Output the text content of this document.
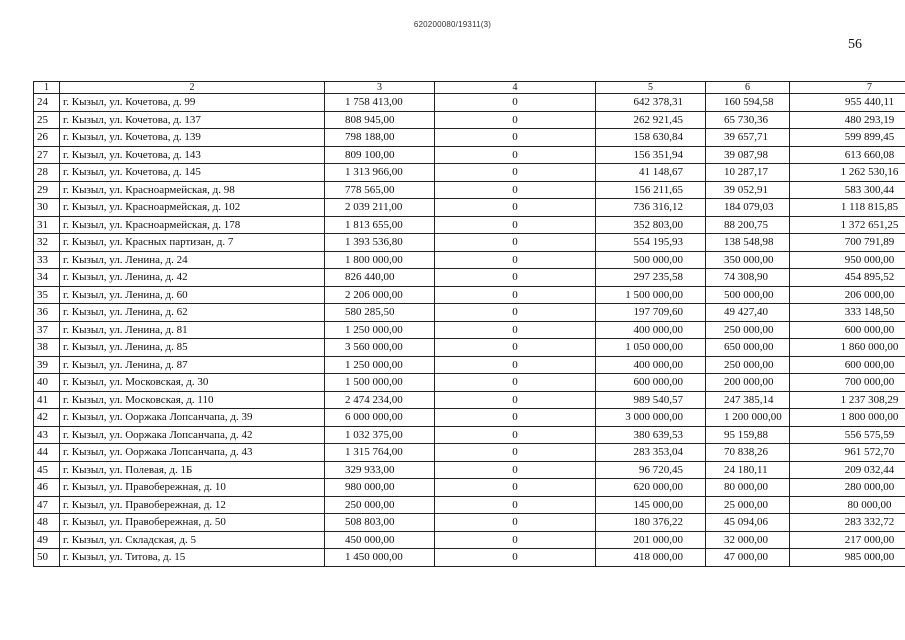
620200080/19311(3)
56
1	2	3	4	5	6	7
24	г. Кызыл, ул. Кочетова, д. 99	1 758 413,00	0	642 378,31	160 594,58	955 440,11
25	г. Кызыл, ул. Кочетова, д. 137	808 945,00	0	262 921,45	65 730,36	480 293,19
26	г. Кызыл, ул. Кочетова, д. 139	798 188,00	0	158 630,84	39 657,71	599 899,45
27	г. Кызыл, ул. Кочетова, д. 143	809 100,00	0	156 351,94	39 087,98	613 660,08
28	г. Кызыл, ул. Кочетова, д. 145	1 313 966,00	0	41 148,67	10 287,17	1 262 530,16
29	г. Кызыл, ул. Красноармейская, д. 98	778 565,00	0	156 211,65	39 052,91	583 300,44
30	г. Кызыл, ул. Красноармейская, д. 102	2 039 211,00	0	736 316,12	184 079,03	1 118 815,85
31	г. Кызыл, ул. Красноармейская, д. 178	1 813 655,00	0	352 803,00	88 200,75	1 372 651,25
32	г. Кызыл, ул. Красных партизан, д. 7	1 393 536,80	0	554 195,93	138 548,98	700 791,89
33	г. Кызыл, ул. Ленина, д. 24	1 800 000,00	0	500 000,00	350 000,00	950 000,00
34	г. Кызыл, ул. Ленина, д. 42	826 440,00	0	297 235,58	74 308,90	454 895,52
35	г. Кызыл, ул. Ленина, д. 60	2 206 000,00	0	1 500 000,00	500 000,00	206 000,00
36	г. Кызыл, ул. Ленина, д. 62	580 285,50	0	197 709,60	49 427,40	333 148,50
37	г. Кызыл, ул. Ленина, д. 81	1 250 000,00	0	400 000,00	250 000,00	600 000,00
38	г. Кызыл, ул. Ленина, д. 85	3 560 000,00	0	1 050 000,00	650 000,00	1 860 000,00
39	г. Кызыл, ул. Ленина, д. 87	1 250 000,00	0	400 000,00	250 000,00	600 000,00
40	г. Кызыл, ул. Московская, д. 30	1 500 000,00	0	600 000,00	200 000,00	700 000,00
41	г. Кызыл, ул. Московская, д. 110	2 474 234,00	0	989 540,57	247 385,14	1 237 308,29
42	г. Кызыл, ул. Ооржака Лопсанчапа, д. 39	6 000 000,00	0	3 000 000,00	1 200 000,00	1 800 000,00
43	г. Кызыл, ул. Ооржака Лопсанчапа, д. 42	1 032 375,00	0	380 639,53	95 159,88	556 575,59
44	г. Кызыл, ул. Ооржака Лопсанчапа, д. 43	1 315 764,00	0	283 353,04	70 838,26	961 572,70
45	г. Кызыл, ул. Полевая, д. 1Б	329 933,00	0	96 720,45	24 180,11	209 032,44
46	г. Кызыл, ул. Правобережная, д. 10	980 000,00	0	620 000,00	80 000,00	280 000,00
47	г. Кызыл, ул. Правобережная, д. 12	250 000,00	0	145 000,00	25 000,00	80 000,00
48	г. Кызыл, ул. Правобережная, д. 50	508 803,00	0	180 376,22	45 094,06	283 332,72
49	г. Кызыл, ул. Складская, д. 5	450 000,00	0	201 000,00	32 000,00	217 000,00
50	г. Кызыл, ул. Титова, д. 15	1 450 000,00	0	418 000,00	47 000,00	985 000,00
